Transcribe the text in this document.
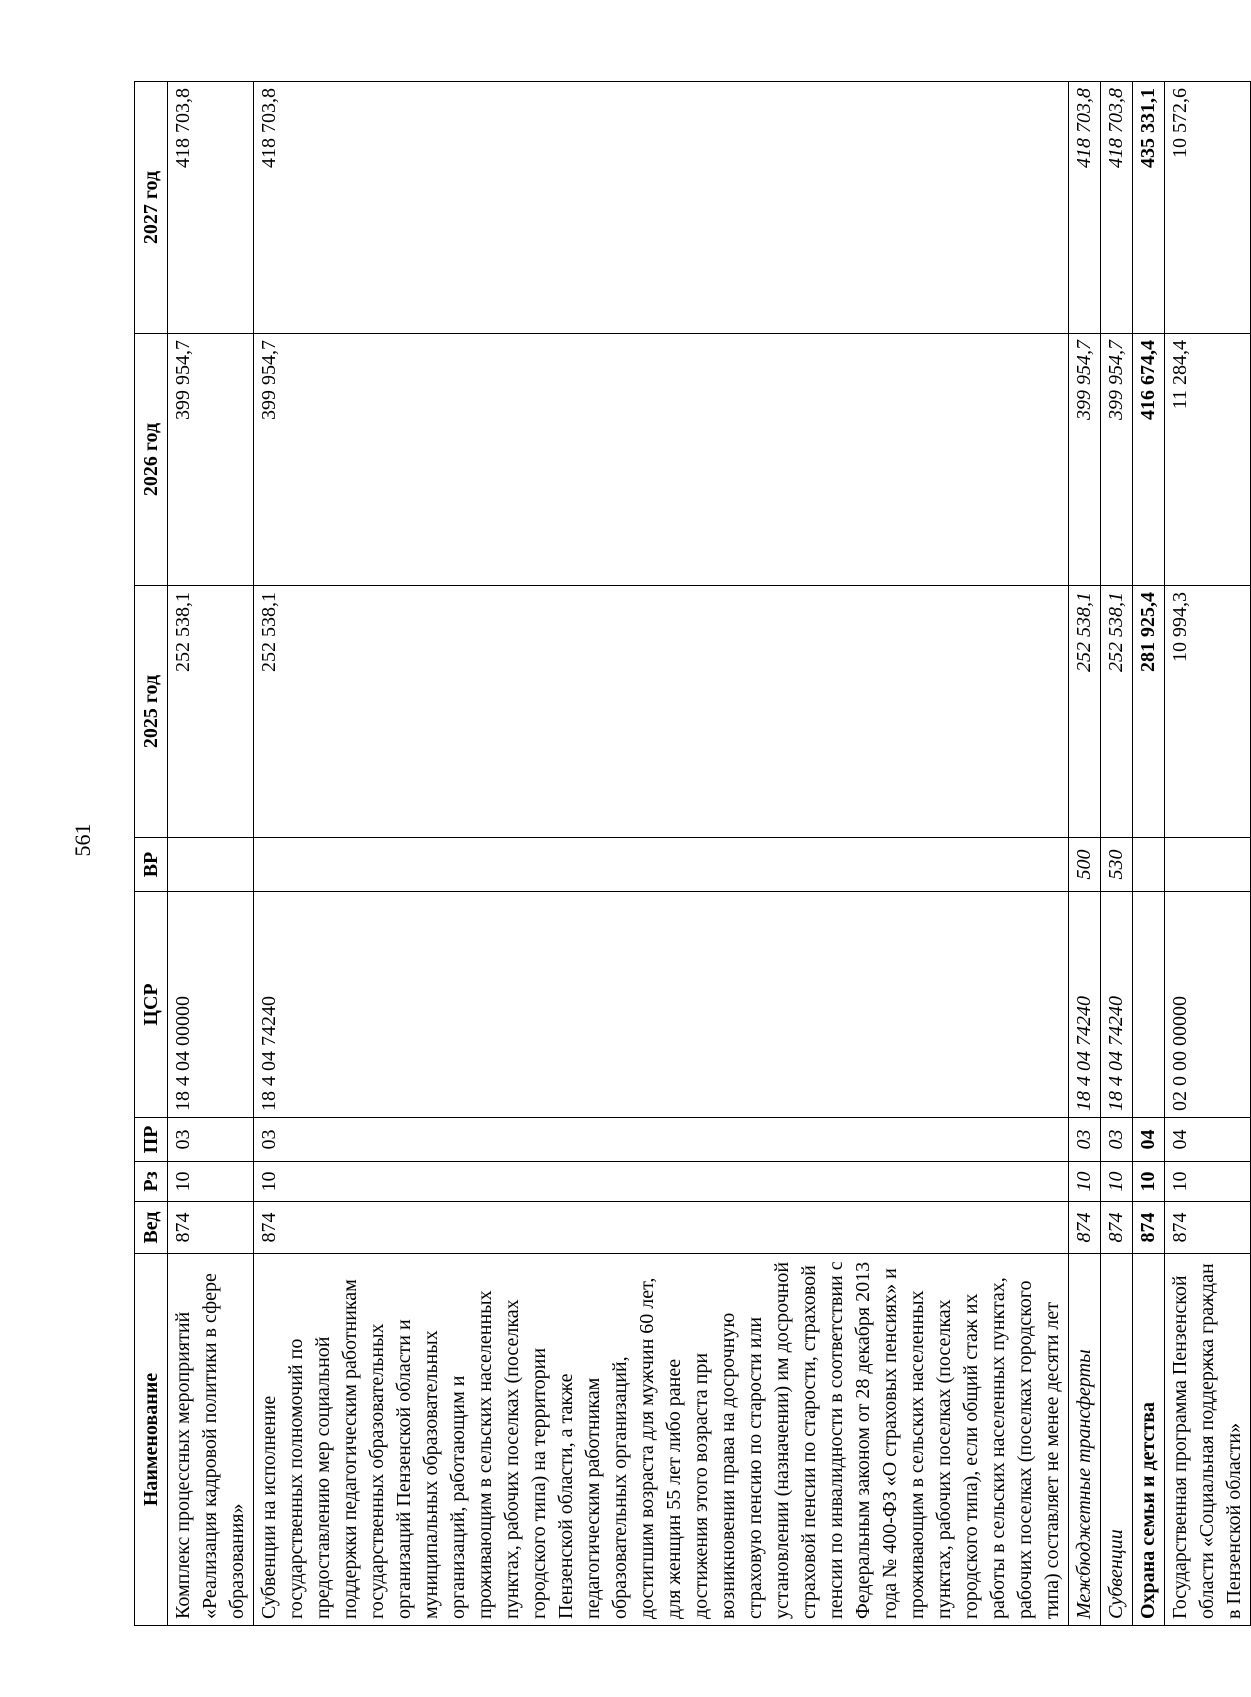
561
Наименование	Вед	Рз	ПР	ЦСР	ВР	2025 год	2026 год	2027 год
Комплекс процессных мероприятий «Реализация кадровой политики в сфере образования»	874	10	03	18 4 04 00000		252 538,1	399 954,7	418 703,8
Субвенции на исполнение государственных полномочий по предоставлению мер социальной поддержки педагогическим работникам государственных образовательных организаций Пензенской области и муниципальных образовательных организаций, работающим и проживающим в сельских населенных пунктах, рабочих поселках (поселках городского типа) на территории Пензенской области, а также педагогическим работникам образовательных организаций, достигшим возраста для мужчин 60 лет, для женщин 55 лет либо ранее достижения этого возраста при возникновении права на досрочную страховую пенсию по старости или установлении (назначении) им досрочной страховой пенсии по старости, страховой пенсии по инвалидности в соответствии с Федеральным законом от 28 декабря 2013 года № 400-ФЗ «О страховых пенсиях» и проживающим в сельских населенных пунктах, рабочих поселках (поселках городского типа), если общий стаж их работы в сельских населенных пунктах, рабочих поселках (поселках городского типа) составляет не менее десяти лет	874	10	03	18 4 04 74240		252 538,1	399 954,7	418 703,8
Межбюджетные трансферты	874	10	03	18 4 04 74240	500	252 538,1	399 954,7	418 703,8
Субвенции	874	10	03	18 4 04 74240	530	252 538,1	399 954,7	418 703,8
Охрана семьи и детства	874	10	04			281 925,4	416 674,4	435 331,1
Государственная программа Пензенской области «Социальная поддержка граждан в Пензенской области»	874	10	04	02 0 00 00000		10 994,3	11 284,4	10 572,6
